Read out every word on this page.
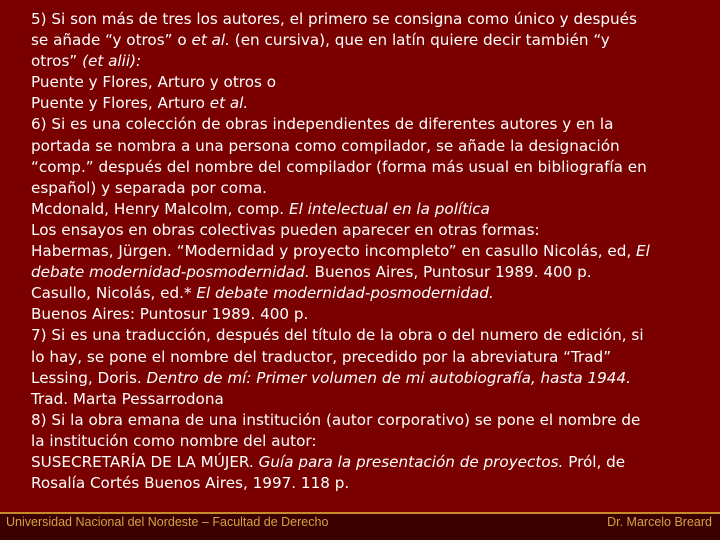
5) Si son más de tres los autores, el primero se consigna como único y después

se añade “y otros” o et al. (en cursiva), que en latín quiere decir también “y

otros” (et alii):

Puente y Flores, Arturo y otros o

Puente y Flores, Arturo et al.

6) Si es una colección de obras independientes de diferentes autores y en la

portada se nombra a una persona como compilador, se añade la designación

“comp.” después del nombre del compilador (forma más usual en bibliografía en

español) y separada por coma.

Mcdonald, Henry Malcolm, comp. El intelectual en la política

Los ensayos en obras colectivas pueden aparecer en otras formas:

Habermas, Jürgen. “Modernidad y proyecto incompleto” en casullo Nicolás, ed, El

debate modernidad-posmodernidad. Buenos Aires, Puntosur 1989. 400 p.

Casullo, Nicolás, ed.* El debate modernidad-posmodernidad.

Buenos Aires: Puntosur 1989. 400 p.

7) Si es una traducción, después del título de la obra o del numero de edición, si

lo hay, se pone el nombre del traductor, precedido por la abreviatura “Trad”

Lessing, Doris. Dentro de mí: Primer volumen de mi autobiografía, hasta 1944.

Trad. Marta Pessarrodona

8) Si la obra emana de una institución (autor corporativo) se pone el nombre de

la institución como nombre del autor:

SUSECRETARÍA DE LA MÚJER. Guía para la presentación de proyectos. Pról, de

Rosalía Cortés Buenos Aires, 1997. 118 p.

Universidad Nacional del Nordeste – Facultad de Derecho	Dr. Marcelo Breard
